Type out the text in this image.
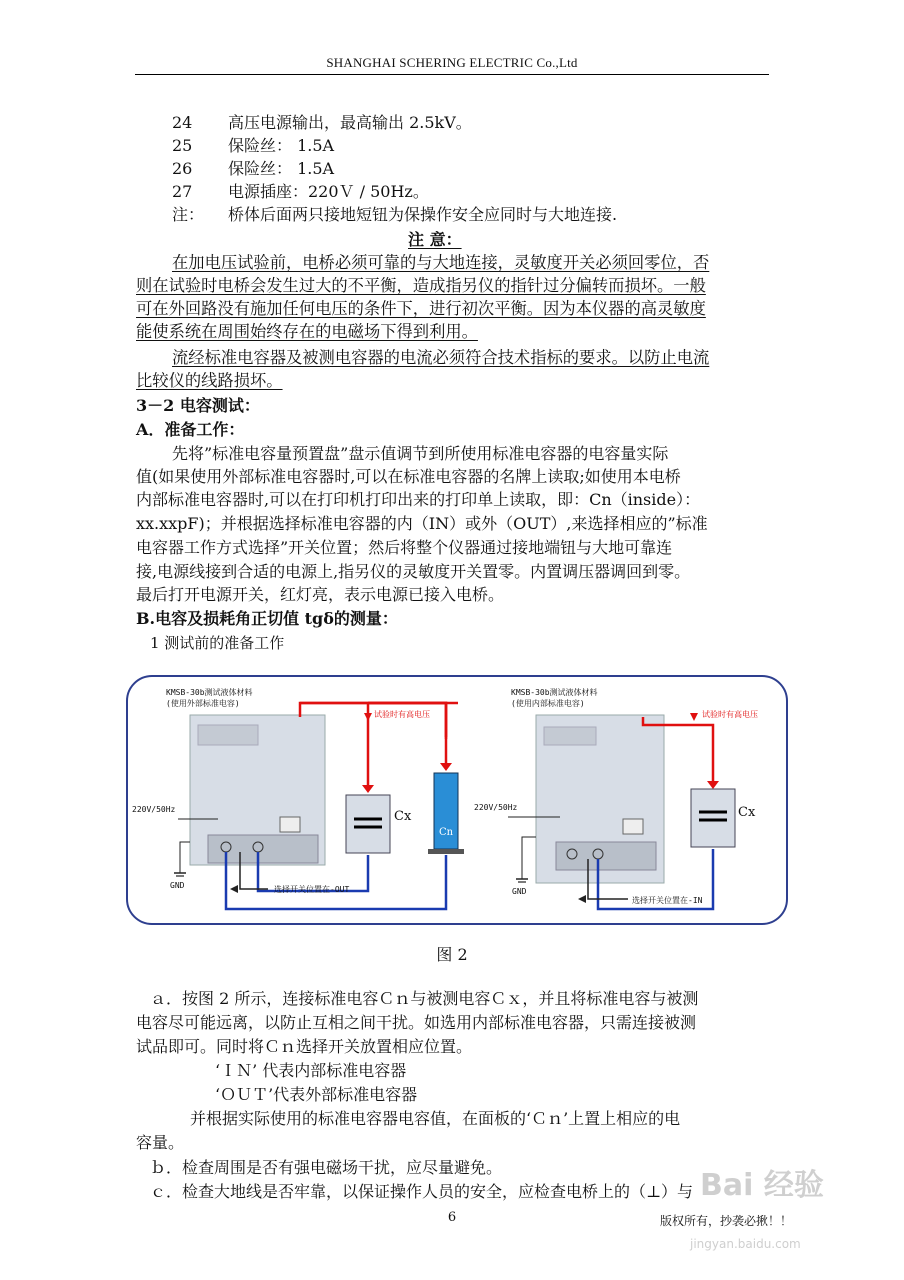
SHANGHAI SCHERING ELECTRIC Co.,Ltd
24 高压电源输出，最高输出 2.5kV。
25 保险丝： 1.5A
26 保险丝： 1.5A
27 电源插座：220Ｖ / 50Hz。
注： 桥体后面两只接地短钮为保操作安全应同时与大地连接.
注 意：
在加电压试验前，电桥必须可靠的与大地连接，灵敏度开关必须回零位，否
则在试验时电桥会发生过大的不平衡，造成指另仪的指针过分偏转而损坏。一般
可在外回路没有施加任何电压的条件下，进行初次平衡。因为本仪器的高灵敏度
能使系统在周围始终存在的电磁场下得到利用。
流经标准电容器及被测电容器的电流必须符合技术指标的要求。以防止电流
比较仪的线路损坏。
3－2 电容测试：
A．准备工作：
先将”标准电容量预置盘”盘示值调节到所使用标准电容器的电容量实际
值(如果使用外部标准电容器时,可以在标准电容器的名牌上读取;如使用本电桥
内部标准电容器时,可以在打印机打印出来的打印单上读取，即：Cn（inside）：
xx.xxpF)；并根据选择标准电容器的内（IN）或外（OUT）,来选择相应的”标准
电容器工作方式选择”开关位置；然后将整个仪器通过接地端钮与大地可靠连
接,电源线接到合适的电源上,指另仪的灵敏度开关置零。内置调压器调回到零。
最后打开电源开关，红灯亮，表示电源已接入电桥。
B.电容及损耗角正切值 tgδ的测量：
1 测试前的准备工作
KMSB-30b测试液体材料
(使用外部标准电容)
试验时有高电压
220V/50Hz	Cx
Cn
GND	选择开关位置在-OUT
KMSB-30b测试液体材料
(使用内部标准电容)
试验时有高电压
220V/50Hz	Cx
GND
选择开关位置在-IN
图 2
ａ．按图 2 所示，连接标准电容Ｃｎ与被测电容Ｃｘ，并且将标准电容与被测
电容尽可能远离，以防止互相之间干扰。如选用内部标准电容器，只需连接被测
试品即可。同时将Ｃｎ选择开关放置相应位置。
‘ＩＮ’ 代表内部标准电容器
‘ＯＵＴ’代表外部标准电容器
并根据实际使用的标准电容器电容值，在面板的‘Ｃｎ’上置上相应的电
容量。
ｂ．检查周围是否有强电磁场干扰，应尽量避免。
ｃ．检查大地线是否牢靠，以保证操作人员的安全，应检查电桥上的（⊥）与 Bai 经验
jingyan.baidu.com
6	版权所有，抄袭必揪！！
